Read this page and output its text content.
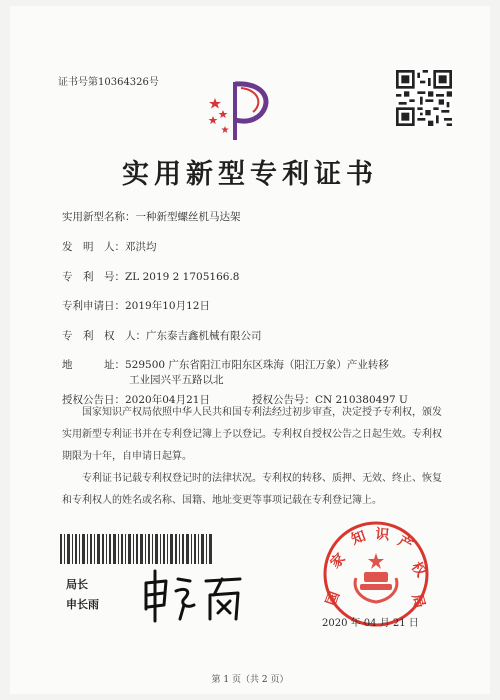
证书号第10364326号
实用新型专利证书
实用新型名称：一种新型螺丝机马达架
发　明　人：邓洪均
专　利　号：ZL 2019 2 1705166.8
专利申请日：2019年10月12日
专　利　权　人：广东泰吉鑫机械有限公司
地　　　址：529500 广东省阳江市阳东区珠海（阳江万象）产业转移
工业园兴平五路以北
授权公告日：2020年04月21日	授权公告号：CN 210380497 U
国家知识产权局依照中华人民共和国专利法经过初步审查，决定授予专利权，颁发实用新型专利证书并在专利登记簿上予以登记。专利权自授权公告之日起生效。专利权期限为十年，自申请日起算。
专利证书记载专利权登记时的法律状况。专利权的转移、质押、无效、终止、恢复和专利权人的姓名或名称、国籍、地址变更等事项记载在专利登记簿上。
局长
申长雨	国
家
知 识 产
权
局
2020 年 04 月 21 日
第 1 页（共 2 页）
